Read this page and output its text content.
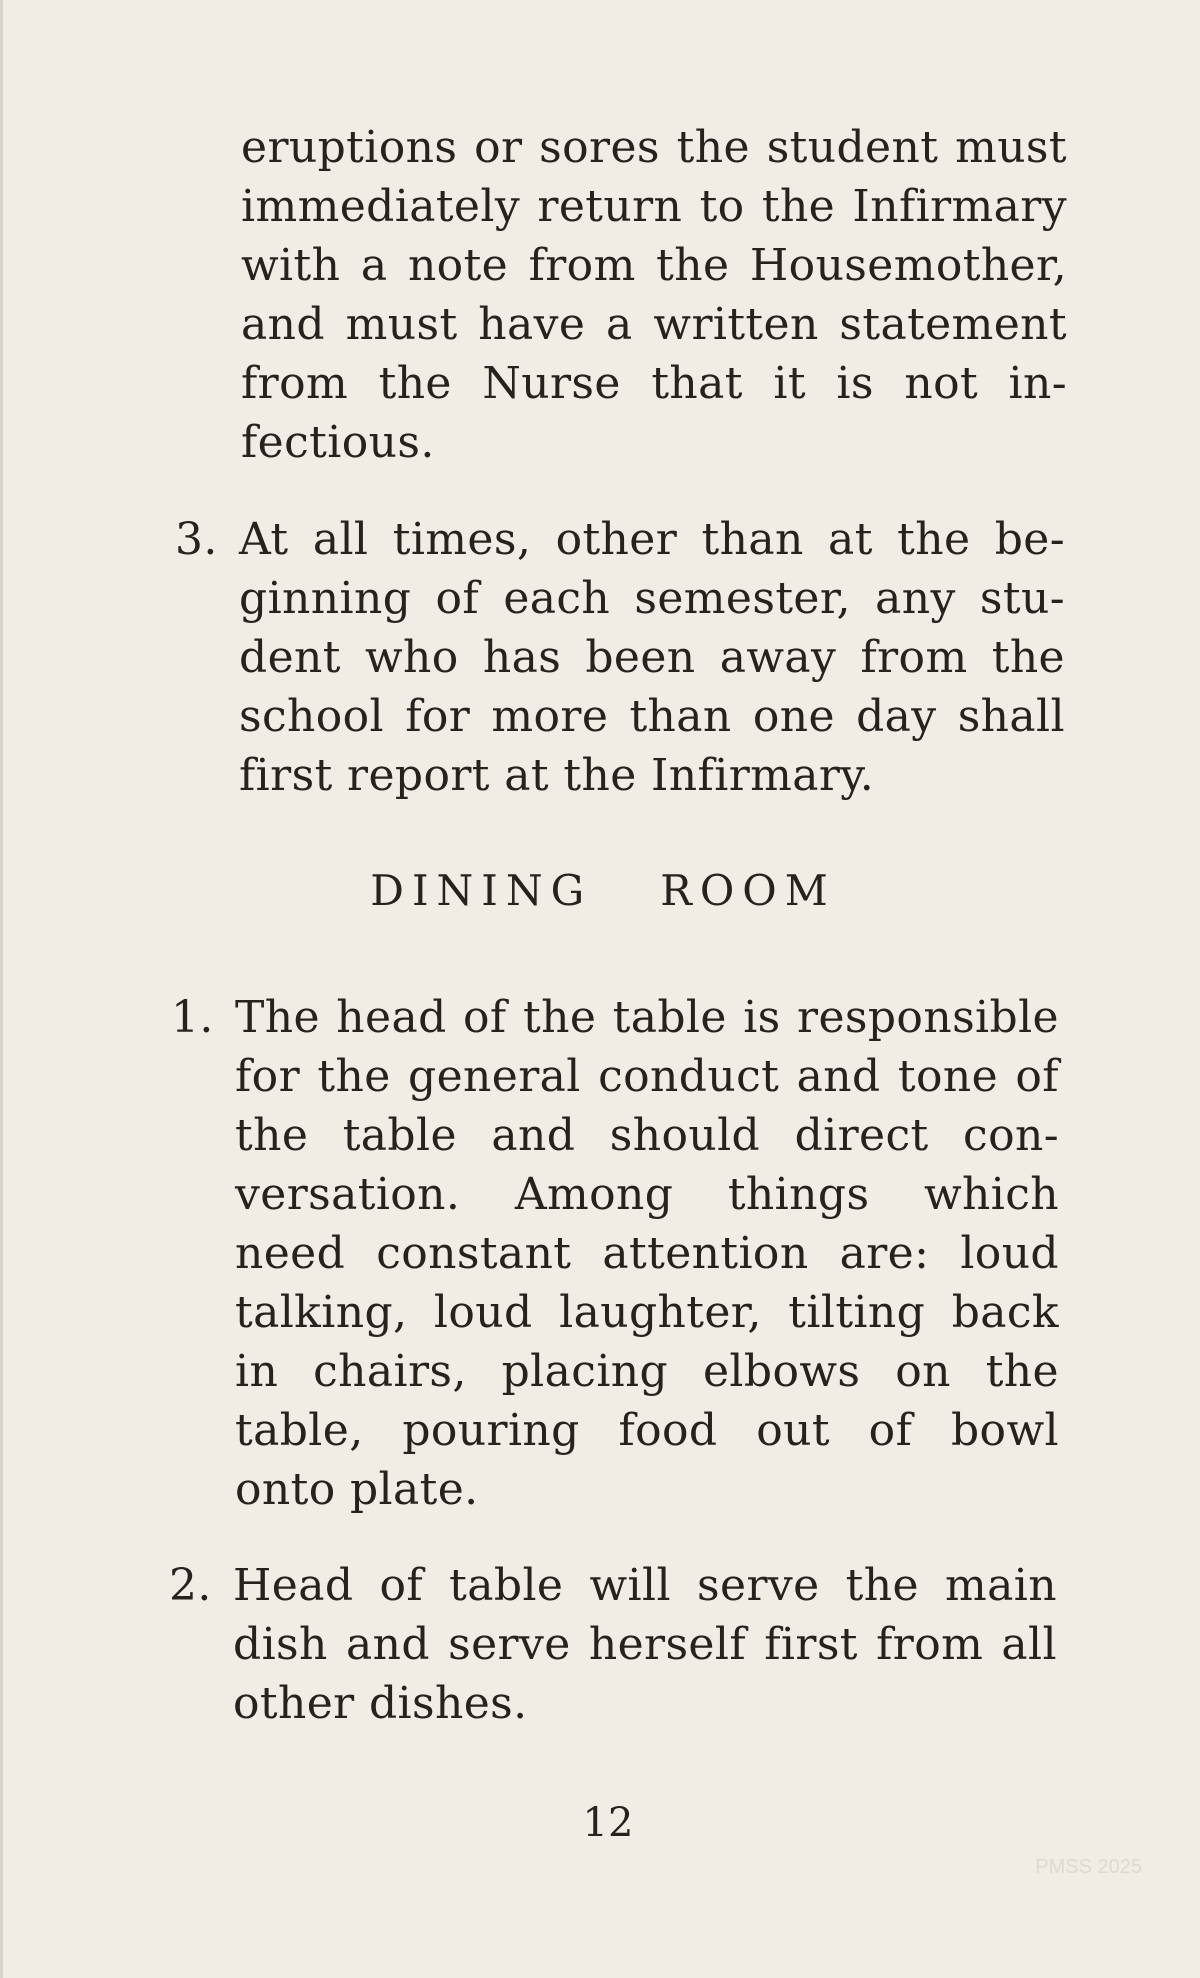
eruptions or sores the student must
immediately return to the Infirmary
with a note from the Housemother,
and must have a written statement
from the Nurse that it is not in-
fectious.
3. At all times, other than at the be-
ginning of each semester, any stu-
dent who has been away from the
school for more than one day shall
first report at the Infirmary.
DINING ROOM
1. The head of the table is responsible
for the general conduct and tone of
the table and should direct con-
versation. Among things which
need constant attention are: loud
talking, loud laughter, tilting back
in chairs, placing elbows on the
table, pouring food out of bowl
onto plate.
2. Head of table will serve the main
dish and serve herself first from all
other dishes.
12
PMSS 2025
